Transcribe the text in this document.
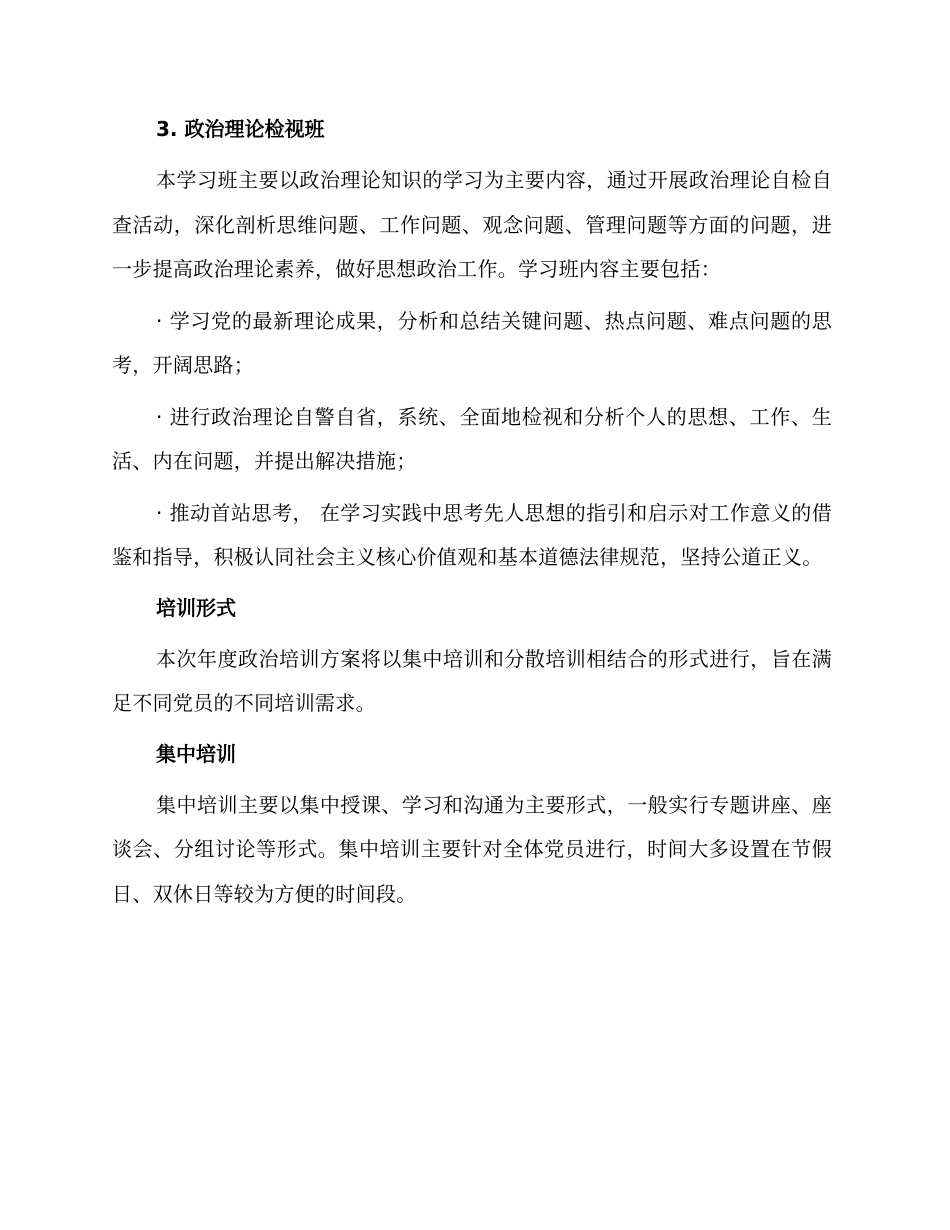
3. 政治理论检视班

本学习班主要以政治理论知识的学习为主要内容，通过开展政治理论自检自查活动，深化剖析思维问题、工作问题、观念问题、管理问题等方面的问题，进一步提高政治理论素养，做好思想政治工作。学习班内容主要包括：

· 学习党的最新理论成果，分析和总结关键问题、热点问题、难点问题的思考，开阔思路；

· 进行政治理论自警自省，系统、全面地检视和分析个人的思想、工作、生活、内在问题，并提出解决措施；

· 推动首站思考， 在学习实践中思考先人思想的指引和启示对工作意义的借鉴和指导，积极认同社会主义核心价值观和基本道德法律规范，坚持公道正义。

培训形式

本次年度政治培训方案将以集中培训和分散培训相结合的形式进行，旨在满足不同党员的不同培训需求。

集中培训

集中培训主要以集中授课、学习和沟通为主要形式，一般实行专题讲座、座谈会、分组讨论等形式。集中培训主要针对全体党员进行，时间大多设置在节假日、双休日等较为方便的时间段。
